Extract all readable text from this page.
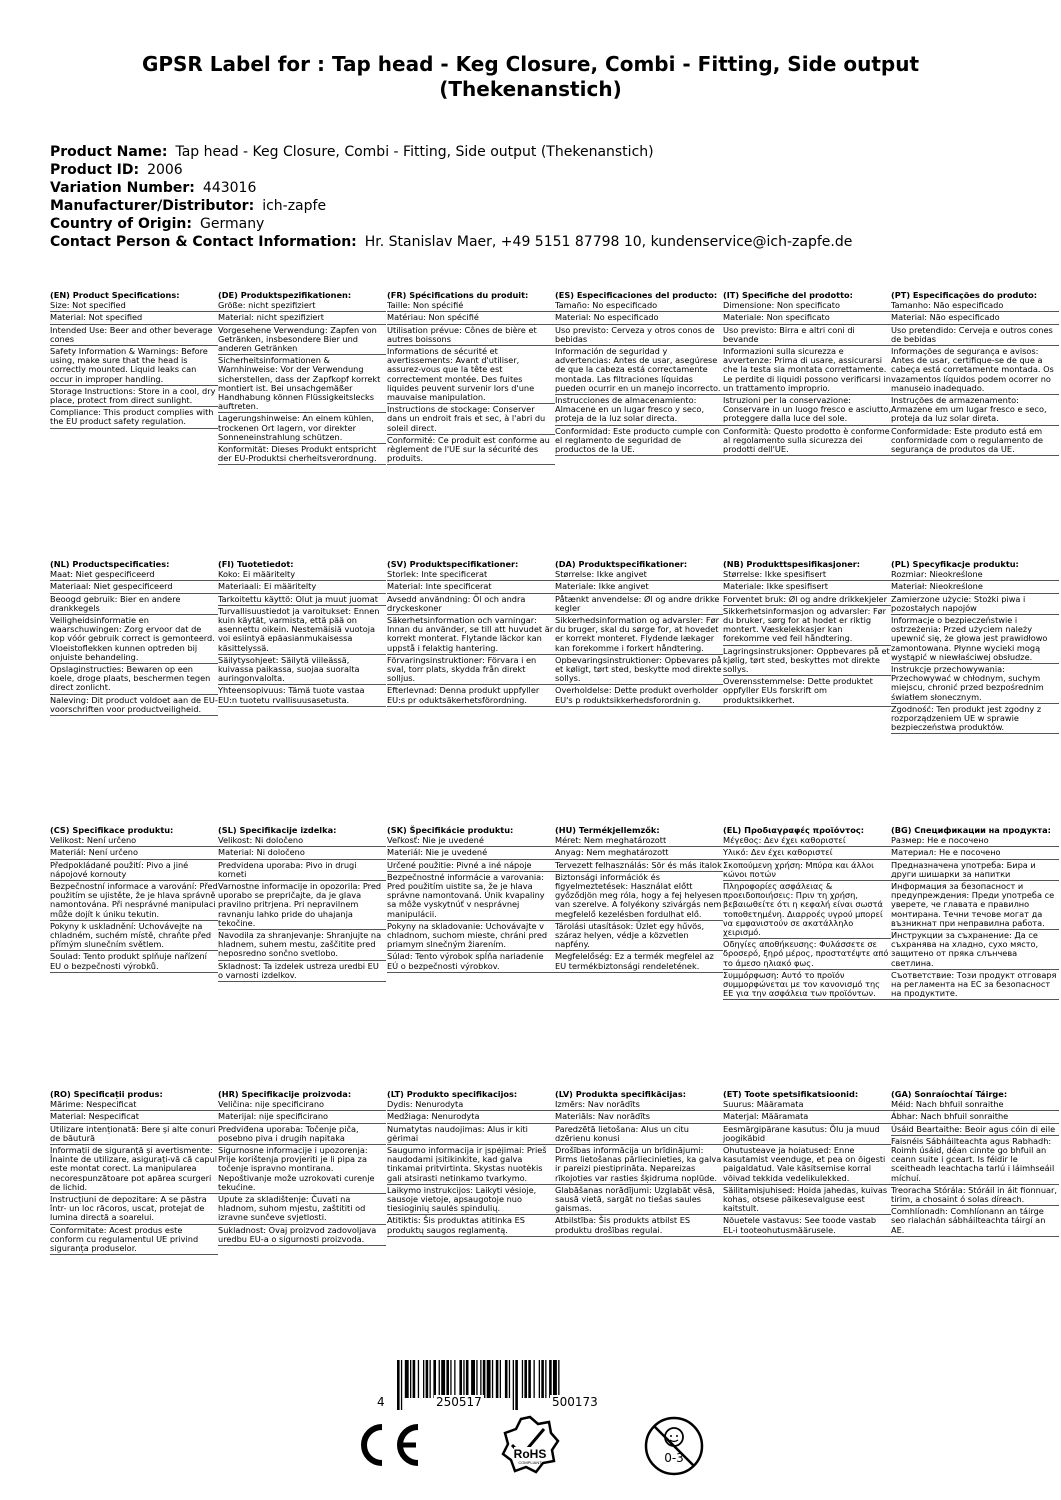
GPSR Label for : Tap head - Keg Closure, Combi - Fitting, Side output (Thekenanstich)
Product Name: Tap head - Keg Closure, Combi - Fitting, Side output (Thekenanstich)
Product ID: 2006
Variation Number: 443016
Manufacturer/Distributor: ich-zapfe
Country of Origin: Germany
Contact Person & Contact Information: Hr. Stanislav Maer, +49 5151 87798 10, kundenservice@ich-zapfe.de
(EN) Product Specifications:
Size: Not specified
Material: Not specified
Intended Use: Beer and other beverage cones
Safety Information & Warnings: Before using, make sure that the head is correctly mounted. Liquid leaks can occur in improper handling.
Storage Instructions: Store in a cool, dry place, protect from direct sunlight.
Compliance: This product complies with the EU product safety regulation.
(DE) Produktspezifikationen:
Größe: nicht spezifiziert
Material: nicht spezifiziert
Vorgesehene Verwendung: Zapfen von Getränken, insbesondere Bier und anderen Getränken
Sicherheitsinformationen & Warnhinweise: Vor der Verwendung sicherstellen, dass der Zapfkopf korrekt montiert ist. Bei unsachgemäßer Handhabung können Flüssigkeitslecks auftreten.
Lagerungshinweise: An einem kühlen, trockenen Ort lagern, vor direkter Sonneneinstrahlung schützen.
Konformität: Dieses Produkt entspricht der EU-Produktsi cherheitsverordnung.
(FR) Spécifications du produit:
Taille: Non spécifié
Matériau: Non spécifié
Utilisation prévue: Cônes de bière et autres boissons
Informations de sécurité et avertissements: Avant d'utiliser, assurez-vous que la tête est correctement montée. Des fuites liquides peuvent survenir lors d'une mauvaise manipulation.
Instructions de stockage: Conserver dans un endroit frais et sec, à l'abri du soleil direct.
Conformité: Ce produit est conforme au règlement de l'UE sur la sécurité des produits.
(ES) Especificaciones del producto:
Tamaño: No especificado
Material: No especificado
Uso previsto: Cerveza y otros conos de bebidas
Información de seguridad y advertencias: Antes de usar, asegúrese de que la cabeza está correctamente montada. Las filtraciones líquidas pueden ocurrir en un manejo incorrecto.
Instrucciones de almacenamiento: Almacene en un lugar fresco y seco, proteja de la luz solar directa.
Conformidad: Este producto cumple con el reglamento de seguridad de productos de la UE.
(IT) Specifiche del prodotto:
Dimensione: Non specificato
Materiale: Non specificato
Uso previsto: Birra e altri coni di bevande
Informazioni sulla sicurezza e avvertenze: Prima di usare, assicurarsi che la testa sia montata correttamente. Le perdite di liquidi possono verificarsi in un trattamento improprio.
Istruzioni per la conservazione: Conservare in un luogo fresco e asciutto, proteggere dalla luce del sole.
Conformità: Questo prodotto è conforme al regolamento sulla sicurezza dei prodotti dell'UE.
(PT) Especificações do produto:
Tamanho: Não especificado
Material: Não especificado
Uso pretendido: Cerveja e outros cones de bebidas
Informações de segurança e avisos: Antes de usar, certifique-se de que a cabeça está corretamente montada. Os vazamentos líquidos podem ocorrer no manuseio inadequado.
Instruções de armazenamento: Armazene em um lugar fresco e seco, proteja da luz solar direta.
Conformidade: Este produto está em conformidade com o regulamento de segurança de produtos da UE.
(NL) Productspecificaties:
Maat: Niet gespecificeerd
Materiaal: Niet gespecificeerd
Beoogd gebruik: Bier en andere drankkegels
Veiligheidsinformatie en waarschuwingen: Zorg ervoor dat de kop vóór gebruik correct is gemonteerd. Vloeistoflekken kunnen optreden bij onjuiste behandeling.
Opslaginstructies: Bewaren op een koele, droge plaats, beschermen tegen direct zonlicht.
Naleving: Dit product voldoet aan de EU-voorschriften voor productveiligheid.
(FI) Tuotetiedot:
Koko: Ei määritelty
Materiaali: Ei määritelty
Tarkoitettu käyttö: Olut ja muut juomat
Turvallisuustiedot ja varoitukset: Ennen kuin käytät, varmista, että pää on asennettu oikein. Nestemäisiä vuotoja voi esiintyä epäasianmukaisessa käsittelyssä.
Säilytysohjeet: Säilytä viileässä, kuivassa paikassa, suojaa suoralta auringonvalolta.
Yhteensopivuus: Tämä tuote vastaa EU:n tuotetu rvallisuusasetusta.
(SV) Produktspecifikationer:
Storlek: Inte specificerat
Material: Inte specificerat
Avsedd användning: Öl och andra dryckeskoner
Säkerhetsinformation och varningar: Innan du använder, se till att huvudet är korrekt monterat. Flytande läckor kan uppstå i felaktig hantering.
Förvaringsinstruktioner: Förvara i en sval, torr plats, skydda från direkt solljus.
Efterlevnad: Denna produkt uppfyller EU:s pr oduktsäkerhetsförordning.
(DA) Produktspecifikationer:
Størrelse: Ikke angivet
Materiale: Ikke angivet
Påtænkt anvendelse: Øl og andre drikke kegler
Sikkerhedsinformation og advarsler: Før du bruger, skal du sørge for, at hovedet er korrekt monteret. Flydende lækager kan forekomme i forkert håndtering.
Opbevaringsinstruktioner: Opbevares på et køligt, tørt sted, beskytte mod direkte sollys.
Overholdelse: Dette produkt overholder EU's p roduktsikkerhedsforordnin g.
(NB) Produkttspesifikasjoner:
Størrelse: Ikke spesifisert
Materiale: Ikke spesifisert
Forventet bruk: Øl og andre drikkekjeler
Sikkerhetsinformasjon og advarsler: Før du bruker, sørg for at hodet er riktig montert. Væskelekkasjer kan forekomme ved feil håndtering.
Lagringsinstruksjoner: Oppbevares på et kjølig, tørt sted, beskyttes mot direkte sollys.
Overensstemmelse: Dette produktet oppfyller EUs forskrift om produktsikkerhet.
(PL) Specyfikacje produktu:
Rozmiar: Nieokreślone
Materiał: Nieokreślone
Zamierzone użycie: Stożki piwa i pozostałych napojów
Informacje o bezpieczeństwie i ostrzeżenia: Przed użyciem należy upewnić się, że głowa jest prawidłowo zamontowana. Płynne wycieki mogą wystąpić w niewłaściwej obsłudze.
Instrukcje przechowywania: Przechowywać w chłodnym, suchym miejscu, chronić przed bezpośrednim światłem słonecznym.
Zgodność: Ten produkt jest zgodny z rozporządzeniem UE w sprawie bezpieczeństwa produktów.
(CS) Specifikace produktu:
Velikost: Není určeno
Materiál: Není určeno
Předpokládané použití: Pivo a jiné nápojové kornouty
Bezpečnostní informace a varování: Před použitím se ujistěte, že je hlava správně namontována. Při nesprávné manipulaci může dojít k úniku tekutin.
Pokyny k uskladnění: Uchovávejte na chladném, suchém místě, chraňte před přímým slunečním světlem.
Soulad: Tento produkt splňuje nařízení EU o bezpečnosti výrobků.
(SL) Specifikacije izdelka:
Velikost: Ni določeno
Material: Ni določeno
Predvidena uporaba: Pivo in drugi korneti
Varnostne informacije in opozorila: Pred uporabo se prepričajte, da je glava pravilno pritrjena. Pri nepravilnem ravnanju lahko pride do uhajanja tekočine.
Navodila za shranjevanje: Shranjujte na hladnem, suhem mestu, zaščitite pred neposredno sončno svetlobo.
Skladnost: Ta izdelek ustreza uredbi EU o varnosti izdelkov.
(SK) Špecifikácie produktu:
Veľkosť: Nie je uvedené
Materiál: Nie je uvedené
Určené použitie: Pivné a iné nápoje
Bezpečnostné informácie a varovania: Pred použitím uistite sa, že je hlava správne namontovaná. Únik kvapaliny sa môže vyskytnúť v nesprávnej manipulácii.
Pokyny na skladovanie: Uchovávajte v chladnom, suchom mieste, chráni pred priamym slnečným žiarením.
Súlad: Tento výrobok spĺňa nariadenie EÚ o bezpečnosti výrobkov.
(HU) Termékjellemzők:
Méret: Nem meghatározott
Anyag: Nem meghatározott
Tervezett felhasználás: Sör és más italok
Biztonsági információk és figyelmeztetések: Használat előtt győződjön meg róla, hogy a fej helyesen van szerelve. A folyékony szivárgás nem megfelelő kezelésben fordulhat elő.
Tárolási utasítások: Üzlet egy hűvös, száraz helyen, védje a közvetlen napfény.
Megfelelőség: Ez a termék megfelel az EU termékbiztonsági rendeletének.
(EL) Προδιαγραφές προϊόντος:
Μέγεθος: Δεν έχει καθοριστεί
Υλικό: Δεν έχει καθοριστεί
Σκοπούμενη χρήση: Μπύρα και άλλοι κώνοι ποτών
Πληροφορίες ασφάλειας & προειδοποιήσεις: Πριν τη χρήση, βεβαιωθείτε ότι η κεφαλή είναι σωστά τοποθετημένη. Διαρροές υγρού μπορεί να εμφανιστούν σε ακατάλληλο χειρισμό.
Οδηγίες αποθήκευσης: Φυλάσσετε σε δροσερό, ξηρό μέρος, προστατέψτε από το άμεσο ηλιακό φως.
Συμμόρφωση: Αυτό το προϊόν συμμορφώνεται με τον κανονισμό της ΕΕ για την ασφάλεια των προϊόντων.
(BG) Спецификации на продукта:
Размер: Не е посочено
Материал: Не е посочено
Предназначена употреба: Бира и други шишарки за напитки
Информация за безопасност и предупреждения: Преди употреба се уверете, че главата е правилно монтирана. Течни течове могат да възникнат при неправилна работа.
Инструкции за съхранение: Да се съхранява на хладно, сухо място, защитено от пряка слънчева светлина.
Съответствие: Този продукт отговаря на регламента на ЕС за безопасност на продуктите.
(RO) Specificații produs:
Mărime: Nespecificat
Material: Nespecificat
Utilizare intenționată: Bere și alte conuri de băutură
Informații de siguranță și avertismente: Înainte de utilizare, asigurați-vă că capul este montat corect. La manipularea necorespunzătoare pot apărea scurgeri de lichid.
Instrucțiuni de depozitare: A se păstra într- un loc răcoros, uscat, protejat de lumina directă a soarelui.
Conformitate: Acest produs este conform cu regulamentul UE privind siguranța produselor.
(HR) Specifikacije proizvoda:
Veličina: nije specificirano
Materijal: nije specificirano
Predviđena uporaba: Točenje piča, posebno piva i drugih napitaka
Sigurnosne informacije i upozorenja: Prije korištenja provjeriti je li pipa za točenje ispravno montirana. Nepoštivanje može uzrokovati curenje tekućine.
Upute za skladištenje: Čuvati na hladnom, suhom mjestu, zaštititi od izravne sunčeve svjetlosti.
Sukladnost: Ovaj proizvod zadovoljava uredbu EU-a o sigurnosti proizvoda.
(LT) Produkto specifikacijos:
Dydis: Nenurodyta
Medžiaga: Nenurodyta
Numatytas naudojimas: Alus ir kiti gėrimai
Saugumo informacija ir įspėjimai: Prieš naudodami įsitikinkite, kad galva tinkamai pritvirtinta. Skystas nuotėkis gali atsirasti netinkamo tvarkymo.
Laikymo instrukcijos: Laikyti vėsioje, sausoje vietoje, apsaugotoje nuo tiesioginių saulės spindulių.
Atitiktis: Šis produktas atitinka ES produktų saugos reglamentą.
(LV) Produkta specifikācijas:
Izmērs: Nav norādīts
Materiāls: Nav norādīts
Paredzētā lietošana: Alus un citu dzērienu konusi
Drošības informācija un brīdinājumi: Pirms lietošanas pārliecinieties, ka galva ir pareizi piestiprināta. Nepareizas rīkojoties var rasties šķidruma noplūde.
Glabāšanas norādījumi: Uzglabāt vēsā, sausā vietā, sargāt no tiešas saules gaismas.
Atbilstība: Šis produkts atbilst ES produktu drošības regulai.
(ET) Toote spetsifikatsioonid:
Suurus: Määramata
Materjal: Määramata
Eesmärgipärane kasutus: Õlu ja muud joogikäbid
Ohutusteave ja hoiatused: Enne kasutamist veenduge, et pea on õigesti paigaldatud. Vale käsitsemise korral võivad tekkida vedelikulekked.
Säilitamisjuhised: Hoida jahedas, kuivas kohas, otsese päikesevalguse eest kaitstult.
Nõuetele vastavus: See toode vastab EL-i tooteohutusmäärusele.
(GA) Sonraíochtaí Táirge:
Méid: Nach bhfuil sonraithe
Ábhar: Nach bhfuil sonraithe
Úsáid Beartaithe: Beoir agus cóin di eile
Faisnéis Sábháilteachta agus Rabhadh: Roimh úsáid, déan cinnte go bhfuil an ceann suite i gceart. Is féidir le sceitheadh leachtacha tarlú i láimhseáil míchuí.
Treoracha Stórála: Stóráil in áit fionnuar, tirim, a chosaint ó solas díreach.
Comhlíonadh: Comhlíonann an táirge seo rialachán sábháilteachta táirgí an AE.
4	250517	500173
RoHS
COMPLIANT	0-3
